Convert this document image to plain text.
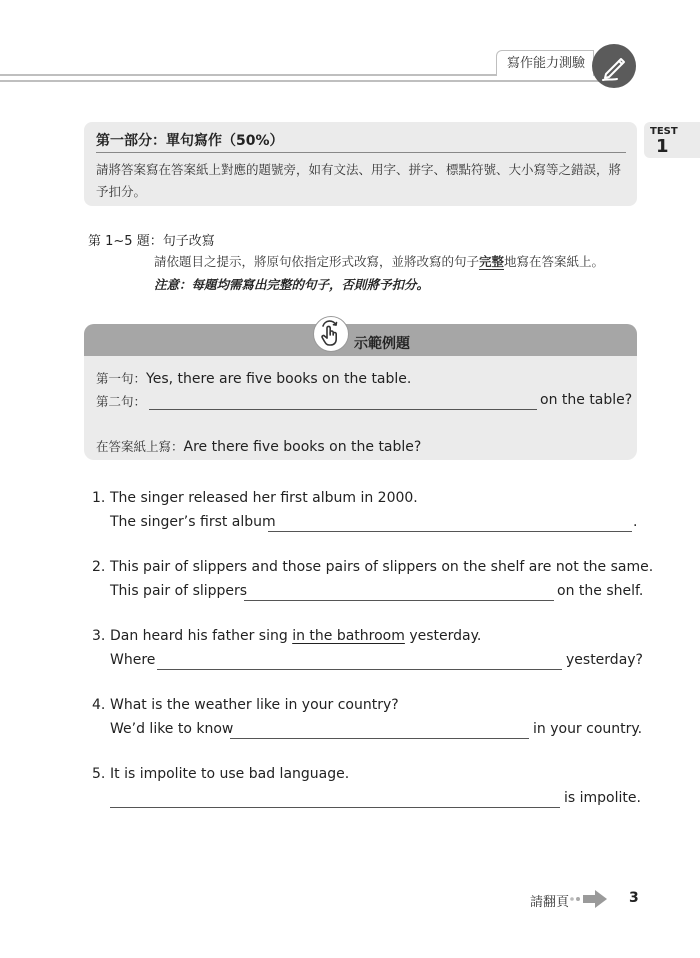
寫作能力測驗
TEST
1
第一部分：單句寫作（50%）
請將答案寫在答案紙上對應的題號旁，如有文法、用字、拼字、標點符號、大小寫等之錯誤，將予扣分。
第 1~5 題：句子改寫
請依題目之提示，將原句依指定形式改寫，並將改寫的句子完整地寫在答案紙上。
注意：每題均需寫出完整的句子，否則將予扣分。
示範例題
第一句：Yes, there are five books on the table.
第二句：	on the table?
在答案紙上寫：Are there five books on the table?
1. The singer released her first album in 2000.
The singer’s first album	.
2. This pair of slippers and those pairs of slippers on the shelf are not the same.
This pair of slippers	on the shelf.
3. Dan heard his father sing in the bathroom yesterday.
Where	yesterday?
4. What is the weather like in your country?
We’d like to know	in your country.
5. It is impolite to use bad language.
is impolite.
請翻頁	3
